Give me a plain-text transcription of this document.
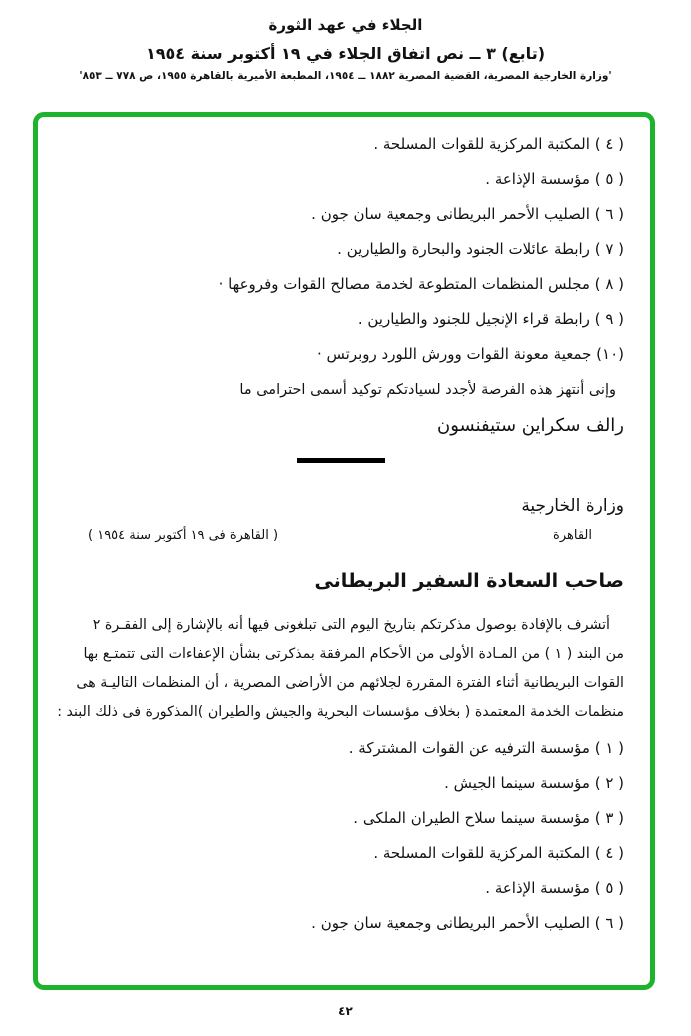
الجلاء في عهد الثورة
(تابع) ٣ ــ نص اتفاق الجلاء في ١٩ أكتوبر سنة ١٩٥٤
'وزارة الخارجية المصرية، القضية المصرية ١٨٨٢ ــ ١٩٥٤، المطبعة الأميرية بالقاهرة ١٩٥٥، ص ٧٧٨ ــ ٨٥٣'
( ٤ ) المكتبة المركزية للقوات المسلحة .
( ٥ ) مؤسسة الإذاعة .
( ٦ ) الصليب الأحمر البريطانى وجمعية سان جون .
( ٧ ) رابطة عائلات الجنود والبحارة والطيارين .
( ٨ ) مجلس المنظمات المتطوعة لخدمة مصالح القوات وفروعها ·
( ٩ ) رابطة قراء الإنجيل للجنود والطيارين .
(١٠) جمعية معونة القوات وورش اللورد روبرتس ·
وإنى أنتهز هذه الفرصة لأجدد لسيادتكم توكيد أسمى احترامى ما
رالف سكراين ستيفنسون
وزارة الخارجية
القاهرة
( القاهرة فى ١٩ أكتوبر سنة ١٩٥٤ )
صاحب السعادة السفير البريطانى
أتشرف بالإفادة بوصول مذكرتكم بتاريخ اليوم التى تبلغونى فيها أنه بالإشارة إلى الفقـرة ٢
من البند ( ١ ) من المـادة الأولى من الأحكام المرفقة بمذكرتى بشأن الإعفاءات التى تتمتـع بها
القوات البريطانية أثناء الفترة المقررة لجلائهم من الأراضى المصرية ، أن المنظمات التاليـة هى
منظمات الخدمة المعتمدة ( بخلاف مؤسسات البحرية والجيش والطيران )المذكورة فى ذلك البند :
( ١ ) مؤسسة الترفيه عن القوات المشتركة .
( ٢ ) مؤسسة سينما الجيش .
( ٣ ) مؤسسة سينما سلاح الطيران الملكى .
( ٤ ) المكتبة المركزية للقوات المسلحة .
( ٥ ) مؤسسة الإذاعة .
( ٦ ) الصليب الأحمر البريطانى وجمعية سان جون .
٤٢
